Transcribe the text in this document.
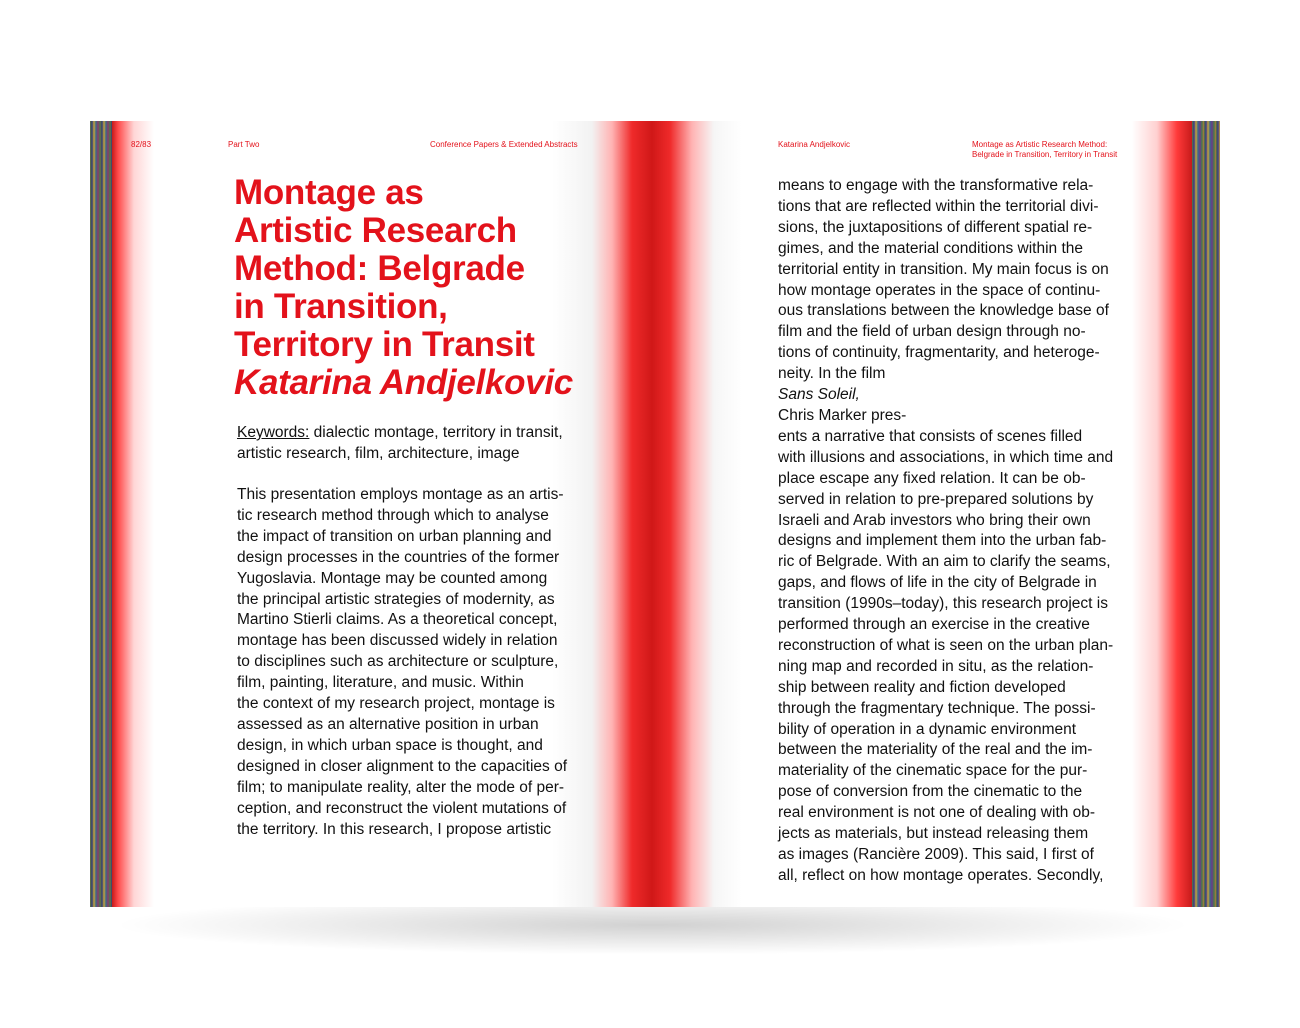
82/83	Part Two	Conference Papers & Extended Abstracts
Montage as
Artistic Research
Method: Belgrade
in Transition,
Territory in Transit
Katarina Andjelkovic
Keywords: dialectic montage, territory in transit,
artistic research, film, architecture, image
This presentation employs montage as an artis-
tic research method through which to analyse
the impact of transition on urban planning and
design processes in the countries of the former
Yugoslavia. Montage may be counted among
the principal artistic strategies of modernity, as
Martino Stierli claims. As a theoretical concept,
montage has been discussed widely in relation
to disciplines such as architecture or sculpture,
film, painting, literature, and music. Within
the context of my research project, montage is
assessed as an alternative position in urban
design, in which urban space is thought, and
designed in closer alignment to the capacities of
film; to manipulate reality, alter the mode of per-
ception, and reconstruct the violent mutations of
the territory. In this research, I propose artistic
Katarina Andjelkovic	Montage as Artistic Research Method:
Belgrade in Transition, Territory in Transit
means to engage with the transformative rela-
tions that are reflected within the territorial divi-
sions, the juxtapositions of different spatial re-
gimes, and the material conditions within the
territorial entity in transition. My main focus is on
how montage operates in the space of continu-
ous translations between the knowledge base of
film and the field of urban design through no-
tions of continuity, fragmentarity, and heteroge-
neity. In the film
Sans Soleil,
Chris Marker pres-
ents a narrative that consists of scenes filled
with illusions and associations, in which time and
place escape any fixed relation. It can be ob-
served in relation to pre-prepared solutions by
Israeli and Arab investors who bring their own
designs and implement them into the urban fab-
ric of Belgrade. With an aim to clarify the seams,
gaps, and flows of life in the city of Belgrade in
transition (1990s–today), this research project is
performed through an exercise in the creative
reconstruction of what is seen on the urban plan-
ning map and recorded in situ, as the relation-
ship between reality and fiction developed
through the fragmentary technique. The possi-
bility of operation in a dynamic environment
between the materiality of the real and the im-
materiality of the cinematic space for the pur-
pose of conversion from the cinematic to the
real environment is not one of dealing with ob-
jects as materials, but instead releasing them
as images (Rancière 2009). This said, I first of
all, reflect on how montage operates. Secondly,
